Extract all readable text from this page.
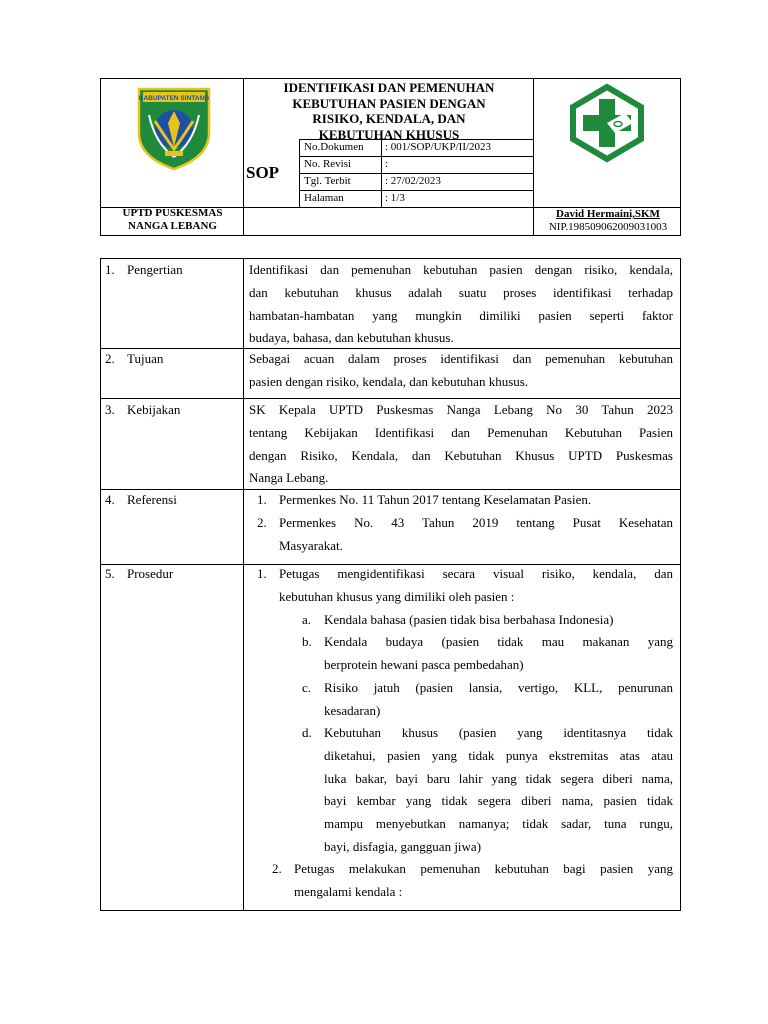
KABUPATEN SINTANG
IDENTIFIKASI DAN PEMENUHAN
KEBUTUHAN PASIEN DENGAN
RISIKO, KENDALA, DAN
KEBUTUHAN KHUSUS
SOP
No.Dokumen : 001/SOP/UKP/II/2023
No. Revisi	:
Tgl. Terbit	: 27/02/2023
Halaman	: 1/3
UPTD PUSKESMAS
NANGA LEBANG
David Hermaini,SKM
NIP.198509062009031003
1. Pengertian	Identifikasi dan pemenuhan kebutuhan pasien dengan risiko, kendala,
dan kebutuhan khusus adalah suatu proses identifikasi terhadap
hambatan-hambatan yang mungkin dimiliki pasien seperti faktor
budaya, bahasa, dan kebutuhan khusus.
2. Tujuan	Sebagai acuan dalam proses identifikasi dan pemenuhan kebutuhan
pasien dengan risiko, kendala, dan kebutuhan khusus.
3. Kebijakan	SK Kepala UPTD Puskesmas Nanga Lebang No 30 Tahun 2023
tentang Kebijakan Identifikasi dan Pemenuhan Kebutuhan Pasien
dengan Risiko, Kendala, dan Kebutuhan Khusus UPTD Puskesmas
Nanga Lebang.
4. Referensi	1. Permenkes No. 11 Tahun 2017 tentang Keselamatan Pasien.
2. Permenkes No. 43 Tahun 2019 tentang Pusat Kesehatan
Masyarakat.
5. Prosedur	1. Petugas mengidentifikasi secara visual risiko, kendala, dan
kebutuhan khusus yang dimiliki oleh pasien :
a. Kendala bahasa (pasien tidak bisa berbahasa Indonesia)
b. Kendala budaya (pasien tidak mau makanan yang
berprotein hewani pasca pembedahan)
c. Risiko jatuh (pasien lansia, vertigo, KLL, penurunan
kesadaran)
d. Kebutuhan khusus (pasien yang identitasnya tidak
diketahui, pasien yang tidak punya ekstremitas atas atau
luka bakar, bayi baru lahir yang tidak segera diberi nama,
bayi kembar yang tidak segera diberi nama, pasien tidak
mampu menyebutkan namanya; tidak sadar, tuna rungu,
bayi, disfagia, gangguan jiwa)
2. Petugas melakukan pemenuhan kebutuhan bagi pasien yang
mengalami kendala :
